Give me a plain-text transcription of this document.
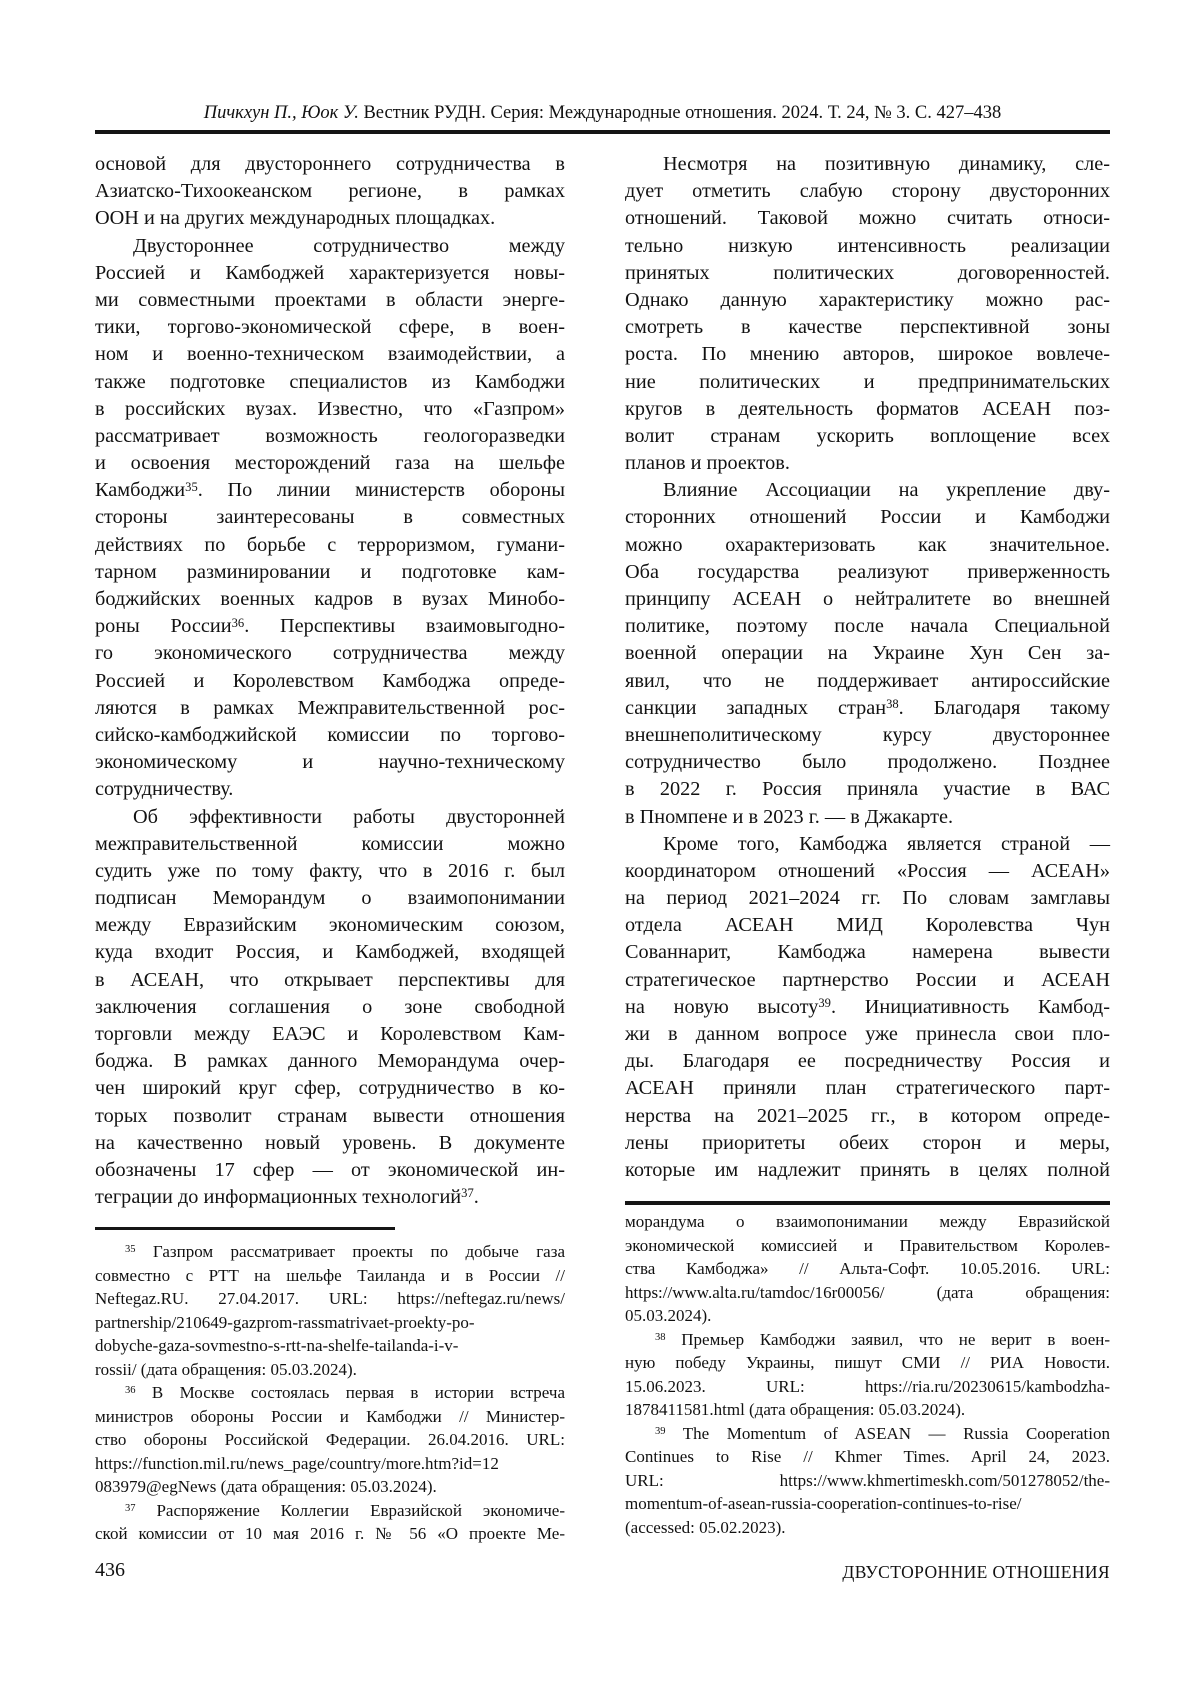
Пичкхун П., Юок У. Вестник РУДН. Серия: Международные отношения. 2024. Т. 24, № 3. С. 427–438
основой для двустороннего сотрудничества в
Азиатско-Тихоокеанском регионе, в рамках
ООН и на других международных площадках.
Двустороннее сотрудничество между
Россией и Камбоджей характеризуется новы-
ми совместными проектами в области энерге-
тики, торгово-экономической сфере, в воен-
ном и военно-техническом взаимодействии, а
также подготовке специалистов из Камбоджи
в российских вузах. Известно, что «Газпром»
рассматривает возможность геологоразведки
и освоения месторождений газа на шельфе
Камбоджи$^{35}$. По линии министерств обороны
стороны заинтересованы в совместных
действиях по борьбе с терроризмом, гумани-
тарном разминировании и подготовке кам-
боджийских военных кадров в вузах Минобо-
роны России$^{36}$. Перспективы взаимовыгодно-
го экономического сотрудничества между
Россией и Королевством Камбоджа опреде-
ляются в рамках Межправительственной рос-
сийско-камбоджийской комиссии по торгово-
экономическому и научно-техническому
сотрудничеству.
Об эффективности работы двусторонней
межправительственной комиссии можно
судить уже по тому факту, что в 2016 г. был
подписан Меморандум о взаимопонимании
между Евразийским экономическим союзом,
куда входит Россия, и Камбоджей, входящей
в АСЕАН, что открывает перспективы для
заключения соглашения о зоне свободной
торговли между ЕАЭС и Королевством Кам-
боджа. В рамках данного Меморандума очер-
чен широкий круг сфер, сотрудничество в ко-
торых позволит странам вывести отношения
на качественно новый уровень. В документе
обозначены 17 сфер — от экономической ин-
теграции до информационных технологий$^{37}$.
Несмотря на позитивную динамику, сле-
дует отметить слабую сторону двусторонних
отношений. Таковой можно считать относи-
тельно низкую интенсивность реализации
принятых политических договоренностей.
Однако данную характеристику можно рас-
смотреть в качестве перспективной зоны
роста. По мнению авторов, широкое вовлече-
ние политических и предпринимательских
кругов в деятельность форматов АСЕАН поз-
волит странам ускорить воплощение всех
планов и проектов.
Влияние Ассоциации на укрепление дву-
сторонних отношений России и Камбоджи
можно охарактеризовать как значительное.
Оба государства реализуют приверженность
принципу АСЕАН о нейтралитете во внешней
политике, поэтому после начала Специальной
военной операции на Украине Хун Сен за-
явил, что не поддерживает антироссийские
санкции западных стран$^{38}$. Благодаря такому
внешнеполитическому курсу двустороннее
сотрудничество было продолжено. Позднее
в 2022 г. Россия приняла участие в ВАС
в Пномпене и в 2023 г. — в Джакарте.
Кроме того, Камбоджа является страной —
координатором отношений «Россия — АСЕАН»
на период 2021–2024 гг. По словам замглавы
отдела АСЕАН МИД Королевства Чун
Сованнарит, Камбоджа намерена вывести
стратегическое партнерство России и АСЕАН
на новую высоту$^{39}$. Инициативность Камбод-
жи в данном вопросе уже принесла свои пло-
ды. Благодаря ее посредничеству Россия и
АСЕАН приняли план стратегического парт-
нерства на 2021–2025 гг., в котором опреде-
лены приоритеты обеих сторон и меры,
которые им надлежит принять в целях полной
$^{35}$ Газпром рассматривает проекты по добыче газа
совместно с PTT на шельфе Таиланда и в России //
Neftegaz.RU. 27.04.2017. URL: https://neftegaz.ru/news/
partnership/210649-gazprom-rassmatrivaet-proekty-po-
dobyche-gaza-sovmestno-s-rtt-na-shelfe-tailanda-i-v-
rossii/ (дата обращения: 05.03.2024).
$^{36}$ В Москве состоялась первая в истории встреча
министров обороны России и Камбоджи // Министер-
ство обороны Российской Федерации. 26.04.2016. URL:
https://function.mil.ru/news_page/country/more.htm?id=12
083979@egNews (дата обращения: 05.03.2024).
$^{37}$ Распоряжение Коллегии Евразийской экономиче-
ской комиссии от 10 мая 2016 г. № 56 «О проекте Ме-
морандума о взаимопонимании между Евразийской
экономической комиссией и Правительством Королев-
ства Камбоджа» // Альта-Софт. 10.05.2016. URL:
https://www.alta.ru/tamdoc/16r00056/ (дата обращения:
05.03.2024).
$^{38}$ Премьер Камбоджи заявил, что не верит в воен-
ную победу Украины, пишут СМИ // РИА Новости.
15.06.2023. URL: https://ria.ru/20230615/kambodzha-
1878411581.html (дата обращения: 05.03.2024).
$^{39}$ The Momentum of ASEAN — Russia Cooperation
Continues to Rise // Khmer Times. April 24, 2023.
URL: https://www.khmertimeskh.com/501278052/the-
momentum-of-asean-russia-cooperation-continues-to-rise/
(accessed: 05.02.2023).
436	ДВУСТОРОННИЕ ОТНОШЕНИЯ
